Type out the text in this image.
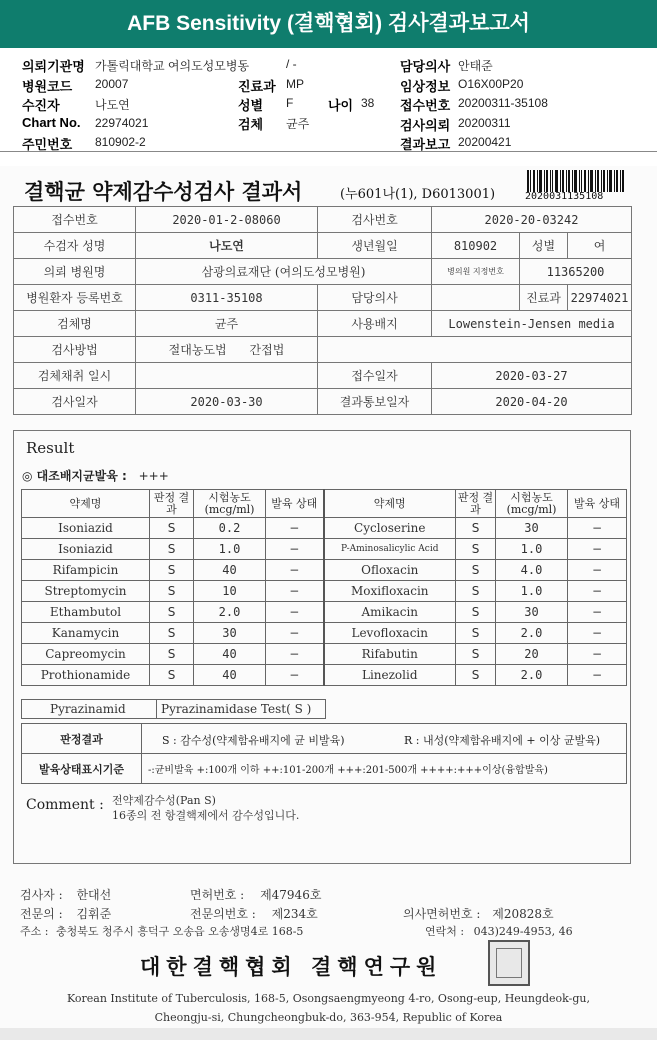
AFB Sensitivity (결핵협회) 검사결과보고서
의뢰기관명 가톨릭대학교 여의도성모병동	/ -	담당의사 안태준
병원코드 20007	진료과 MP	임상정보 O16X00P20
수진자	나도연	성별 F	나이 38 접수번호 20200311-35108
Chart No. 22974021	검체 균주	검사의뢰 20200311
주민번호 810902-2	결과보고 20200421
결핵균 약제감수성검사 결과서	(누601나(1), D6013001)	2020031135108
접수번호	2020-01-2-08060	검사번호	2020-20-03242		
수검자 성명	나도연	생년월일	810902	성별	여
의뢰 병원명	삼광의료재단 (여의도성모병원)		병의원 지정번호	11365200	
병원환자 등록번호	0311-35108	담당의사		진료과	22974021
검체명	균주	사용배지	Lowenstein-Jensen media		
검사방법	절대농도법 간접법				
검체채취 일시		접수일자	2020-03-27		
검사일자	2020-03-30	결과통보일자	2020-04-20		
Result
◎ 대조배지균발육 : +++
약제명	판정 결과	시험농도 (mcg/ml)	발육 상태	약제명	판정 결과	시험농도 (mcg/ml)	발육 상태
Isoniazid	S	0.2	−	Cycloserine	S	30	−
Isoniazid	S	1.0	−	P-Aminosalicylic Acid	S	1.0	−
Rifampicin	S	40	−	Ofloxacin	S	4.0	−
Streptomycin	S	10	−	Moxifloxacin	S	1.0	−
Ethambutol	S	2.0	−	Amikacin	S	30	−
Kanamycin	S	30	−	Levofloxacin	S	2.0	−
Capreomycin	S	40	−	Rifabutin	S	20	−
Prothionamide	S	40	−	Linezolid	S	2.0	−
Pyrazinamid	Pyrazinamidase Test( S )
판정결과	S : 감수성(약제함유배지에 균 비발육) R : 내성(약제함유배지에 + 이상 균발육)

발육상태표시기준	-:균비발육 +:100개 이하 ++:101-200개 +++:201-500개 ++++:+++이상(융합발육)
Comment : 전약제감수성(Pan S)
16종의 전 항결핵제에서 감수성입니다.
검사자 : 한대선	면허번호 : 제47946호
전문의 : 김휘준	전문의번호 : 제234호	의사면허번호 : 제20828호
주소 : 충청북도 청주시 흥덕구 오송읍 오송생명4로 168-5	연락처 : 043)249-4953, 46
대한결핵협회 결핵연구원
Korean Institute of Tuberculosis, 168-5, Osongsaengmyeong 4-ro, Osong-eup, Heungdeok-gu,
Cheongju-si, Chungcheongbuk-do, 363-954, Republic of Korea
